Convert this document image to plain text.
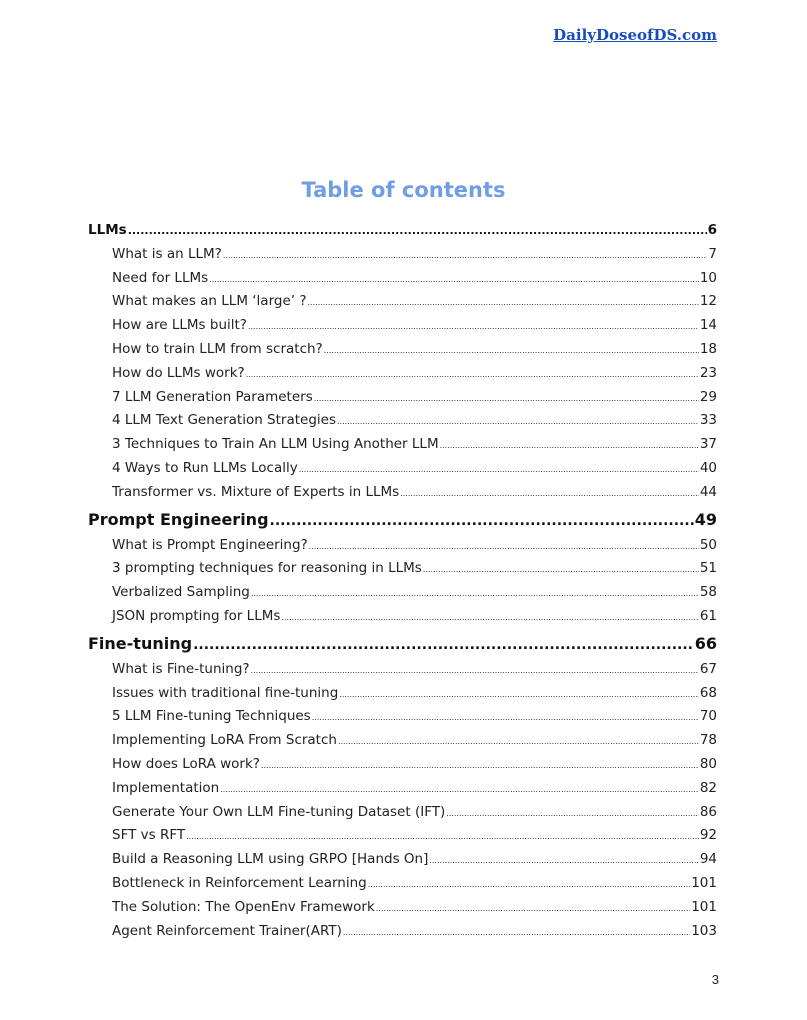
DailyDoseofDS.com
Table of contents
LLMs .....	6
What is an LLM? .....	7
Need for LLMs .....	10
What makes an LLM ‘large’ ? .....	12
How are LLMs built? .....	14
How to train LLM from scratch? .....	18
How do LLMs work? .....	23
7 LLM Generation Parameters .....	29
4 LLM Text Generation Strategies .....	33
3 Techniques to Train An LLM Using Another LLM .....	37
4 Ways to Run LLMs Locally .....	40
Transformer vs. Mixture of Experts in LLMs .....	44
Prompt Engineering .....	49
What is Prompt Engineering? .....	50
3 prompting techniques for reasoning in LLMs .....	51
Verbalized Sampling .....	58
JSON prompting for LLMs .....	61
Fine-tuning .....	66
What is Fine-tuning? .....	67
Issues with traditional fine-tuning .....	68
5 LLM Fine-tuning Techniques .....	70
Implementing LoRA From Scratch .....	78
How does LoRA work? .....	80
Implementation .....	82
Generate Your Own LLM Fine-tuning Dataset (IFT) .....	86
SFT vs RFT .....	92
Build a Reasoning LLM using GRPO [Hands On] .....	94
Bottleneck in Reinforcement Learning .....	101
The Solution: The OpenEnv Framework .....	101
Agent Reinforcement Trainer(ART) .....	103
3
